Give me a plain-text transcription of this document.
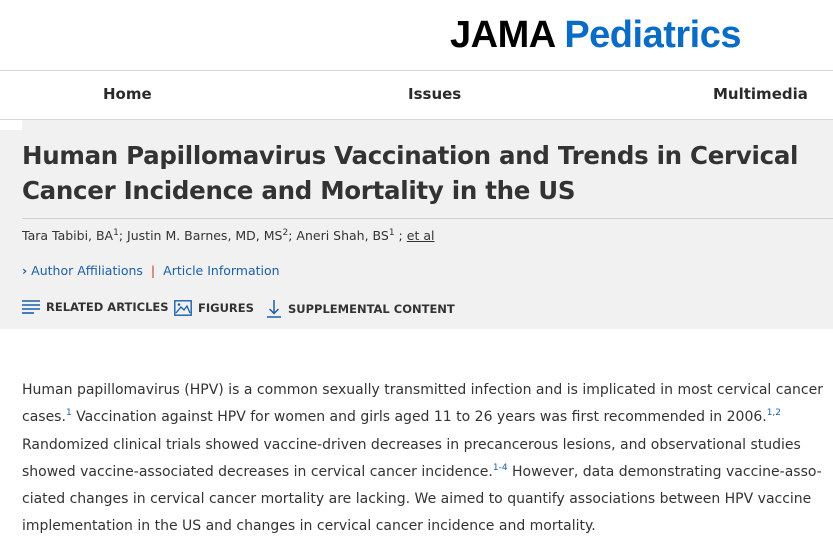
JAMA Pediatrics
Home	Issues	Multimedia
Human Papillomavirus Vaccination and Trends in Cervical Cancer Incidence and Mortality in the US
Tara Tabibi, $BA^1$; Justin M. Barnes, MD, $MS^2$; Aneri Shah, $BS^1$ ; et al
› Author Affiliations | Article Information
RELATED ARTICLES	FIGURES	SUPPLEMENTAL CONTENT
Human papillomavirus (HPV) is a common sexually transmitted infection and is implicated in most cervical cancer cases.$^1$ Vaccination against HPV for women and girls aged 11 to 26 years was first recommended in 2006.$^{1,2}$ Randomized clinical trials showed vaccine-driven decreases in precancerous lesions, and observational studies showed vaccine-associated decreases in cervical cancer incidence.$^{1-4}$ However, data demonstrating vaccine-asso-ciated changes in cervical cancer mortality are lacking. We aimed to quantify associations between HPV vaccine implementation in the US and changes in cervical cancer incidence and mortality.
